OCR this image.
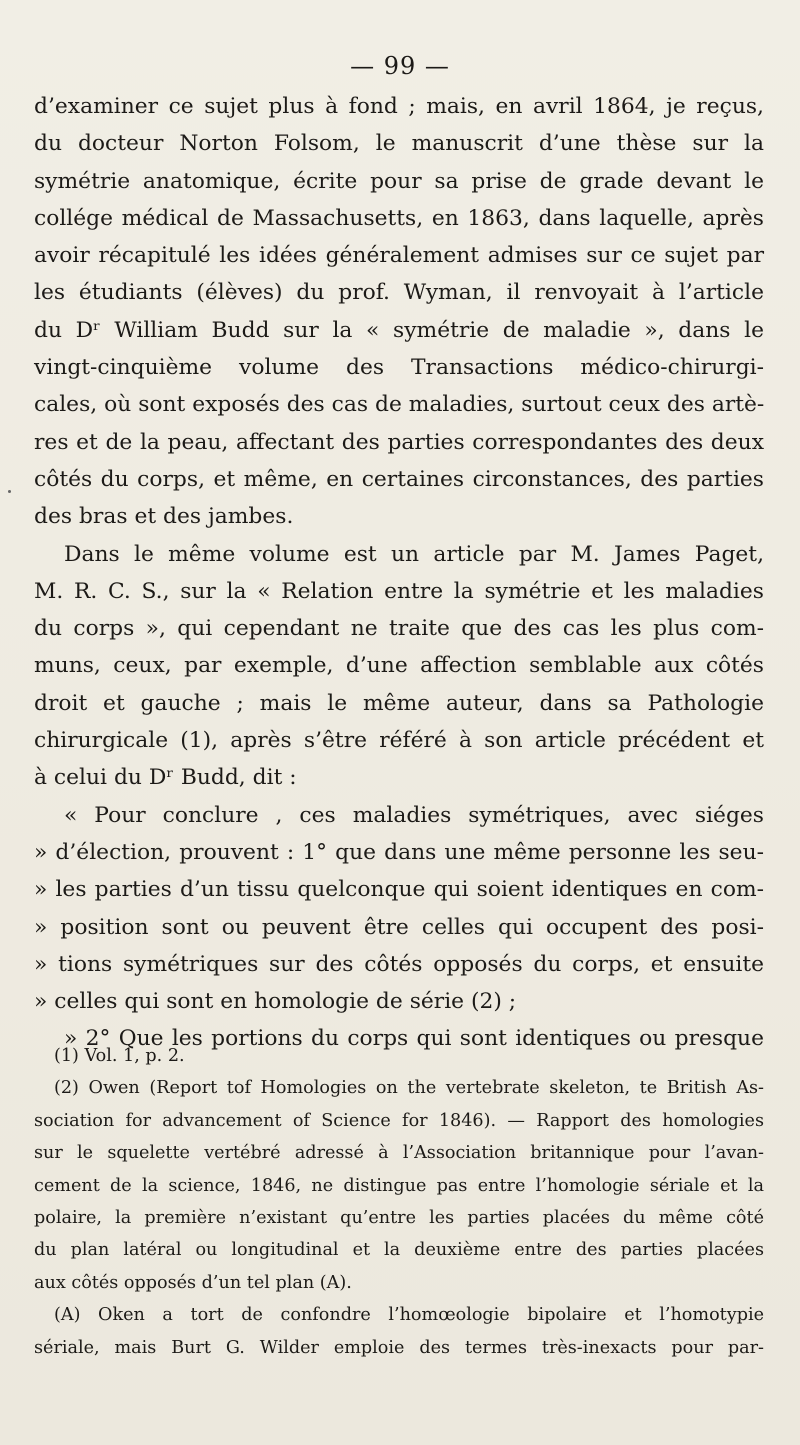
— 99 —
d’examiner ce sujet plus à fond ; mais, en avril 1864, je reçus,
du docteur Norton Folsom, le manuscrit d’une thèse sur la
symétrie anatomique, écrite pour sa prise de grade devant le
collége médical de Massachusetts, en 1863, dans laquelle, après
avoir récapitulé les idées généralement admises sur ce sujet par
les étudiants (élèves) du prof. Wyman, il renvoyait à l’article
du Dʳ William Budd sur la « symétrie de maladie », dans le
vingt-cinquième volume des Transactions médico-chirurgi-
cales, où sont exposés des cas de maladies, surtout ceux des artè-
res et de la peau, affectant des parties correspondantes des deux
côtés du corps, et même, en certaines circonstances, des parties
des bras et des jambes.
Dans le même volume est un article par M. James Paget,
M. R. C. S., sur la « Relation entre la symétrie et les maladies
du corps », qui cependant ne traite que des cas les plus com-
muns, ceux, par exemple, d’une affection semblable aux côtés
droit et gauche ; mais le même auteur, dans sa Pathologie
chirurgicale (1), après s’être référé à son article précédent et
à celui du Dʳ Budd, dit :
« Pour conclure , ces maladies symétriques, avec siéges
» d’élection, prouvent : 1° que dans une même personne les seu-
» les parties d’un tissu quelconque qui soient identiques en com-
» position sont ou peuvent être celles qui occupent des posi-
» tions symétriques sur des côtés opposés du corps, et ensuite
» celles qui sont en homologie de série (2) ;
» 2° Que les portions du corps qui sont identiques ou presque
(1) Vol. 1, p. 2.
(2) Owen (Report tof Homologies on the vertebrate skeleton, te British As-
sociation for advancement of Science for 1846). — Rapport des homologies
sur le squelette vertébré adressé à l’Association britannique pour l’avan-
cement de la science, 1846, ne distingue pas entre l’homologie sériale et la
polaire, la première n’existant qu’entre les parties placées du même côté
du plan latéral ou longitudinal et la deuxième entre des parties placées
aux côtés opposés d’un tel plan (A).
(A) Oken a tort de confondre l’homœologie bipolaire et l’homotypie
sériale, mais Burt G. Wilder emploie des termes très-inexacts pour par-
